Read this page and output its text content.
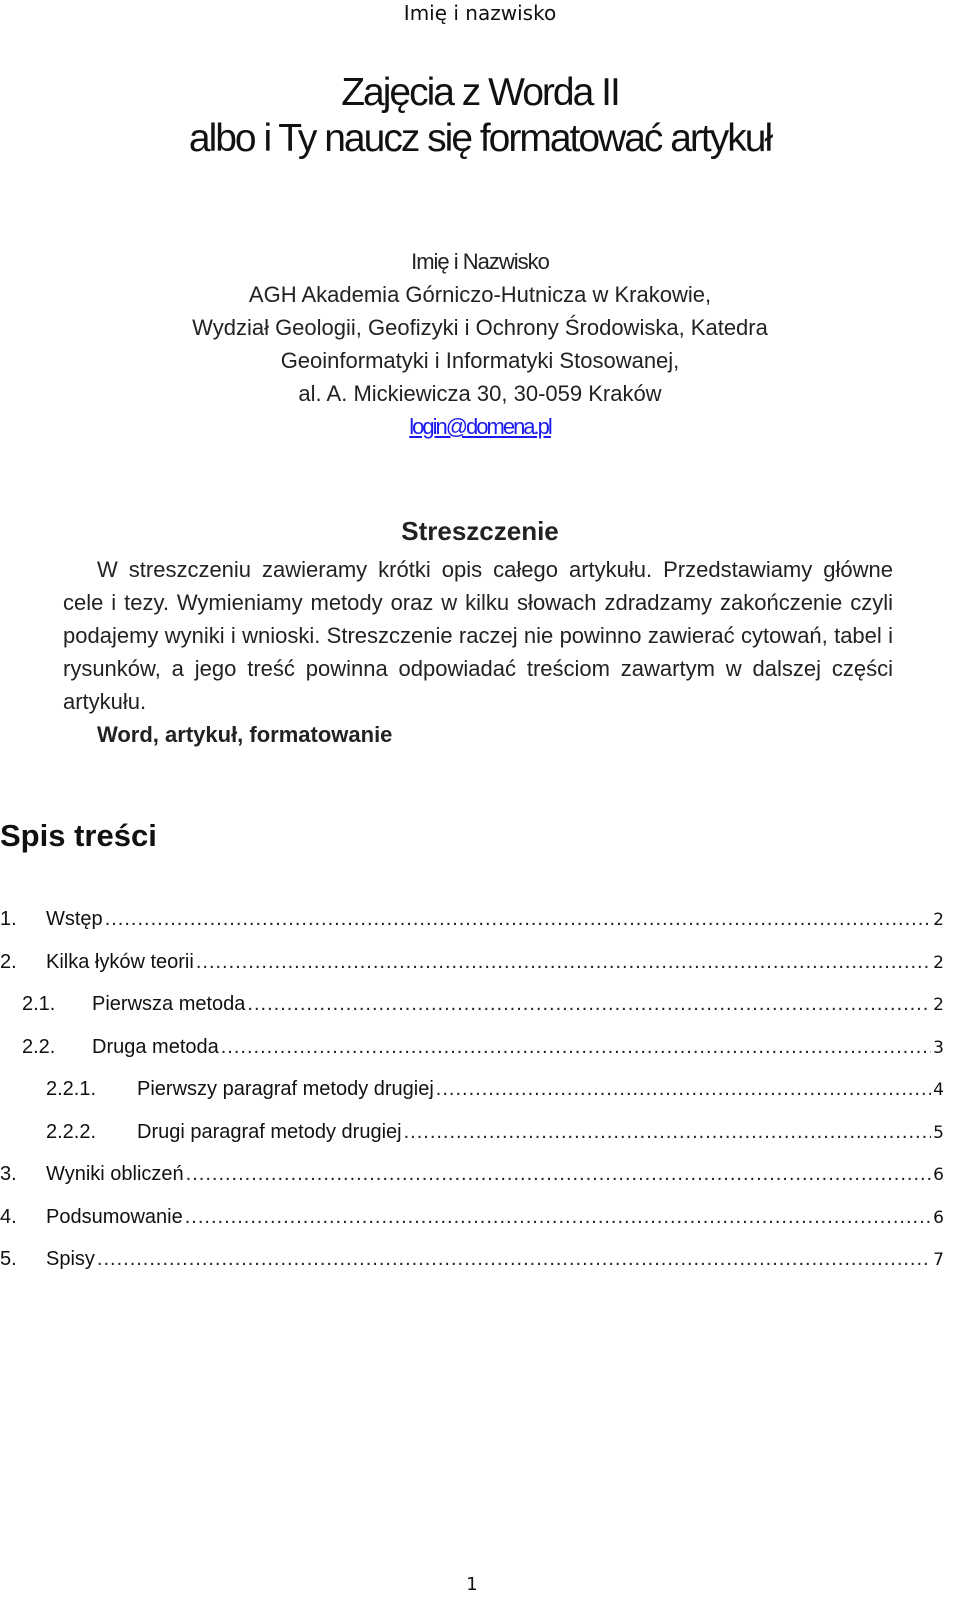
Imię i nazwisko
Zajęcia z Worda II
albo i Ty naucz się formatować artykuł
Imię i Nazwisko
AGH Akademia Górniczo-Hutnicza w Krakowie,
Wydział Geologii, Geofizyki i Ochrony Środowiska, Katedra
Geoinformatyki i Informatyki Stosowanej,
al. A. Mickiewicza 30, 30-059 Kraków
login@domena.pl
Streszczenie

W streszczeniu zawieramy krótki opis całego artykułu. Przedstawiamy główne cele i tezy. Wymieniamy metody oraz w kilku słowach zdradzamy zakończenie czyli podajemy wyniki i wnioski. Streszczenie raczej nie powinno zawierać cytowań, tabel i rysunków, a jego treść powinna odpowiadać treściom zawartym w dalszej części artykułu.

Word, artykuł, formatowanie
Spis treści
1.	Wstęp .....	2
2.	Kilka łyków teorii .....	2
2.1.	Pierwsza metoda .....	2
2.2.	Druga metoda .....	3
2.2.1.	Pierwszy paragraf metody drugiej .....	4
2.2.2.	Drugi paragraf metody drugiej .....	5
3.	Wyniki obliczeń .....	6
4.	Podsumowanie .....	6
5.	Spisy .....	7
1
